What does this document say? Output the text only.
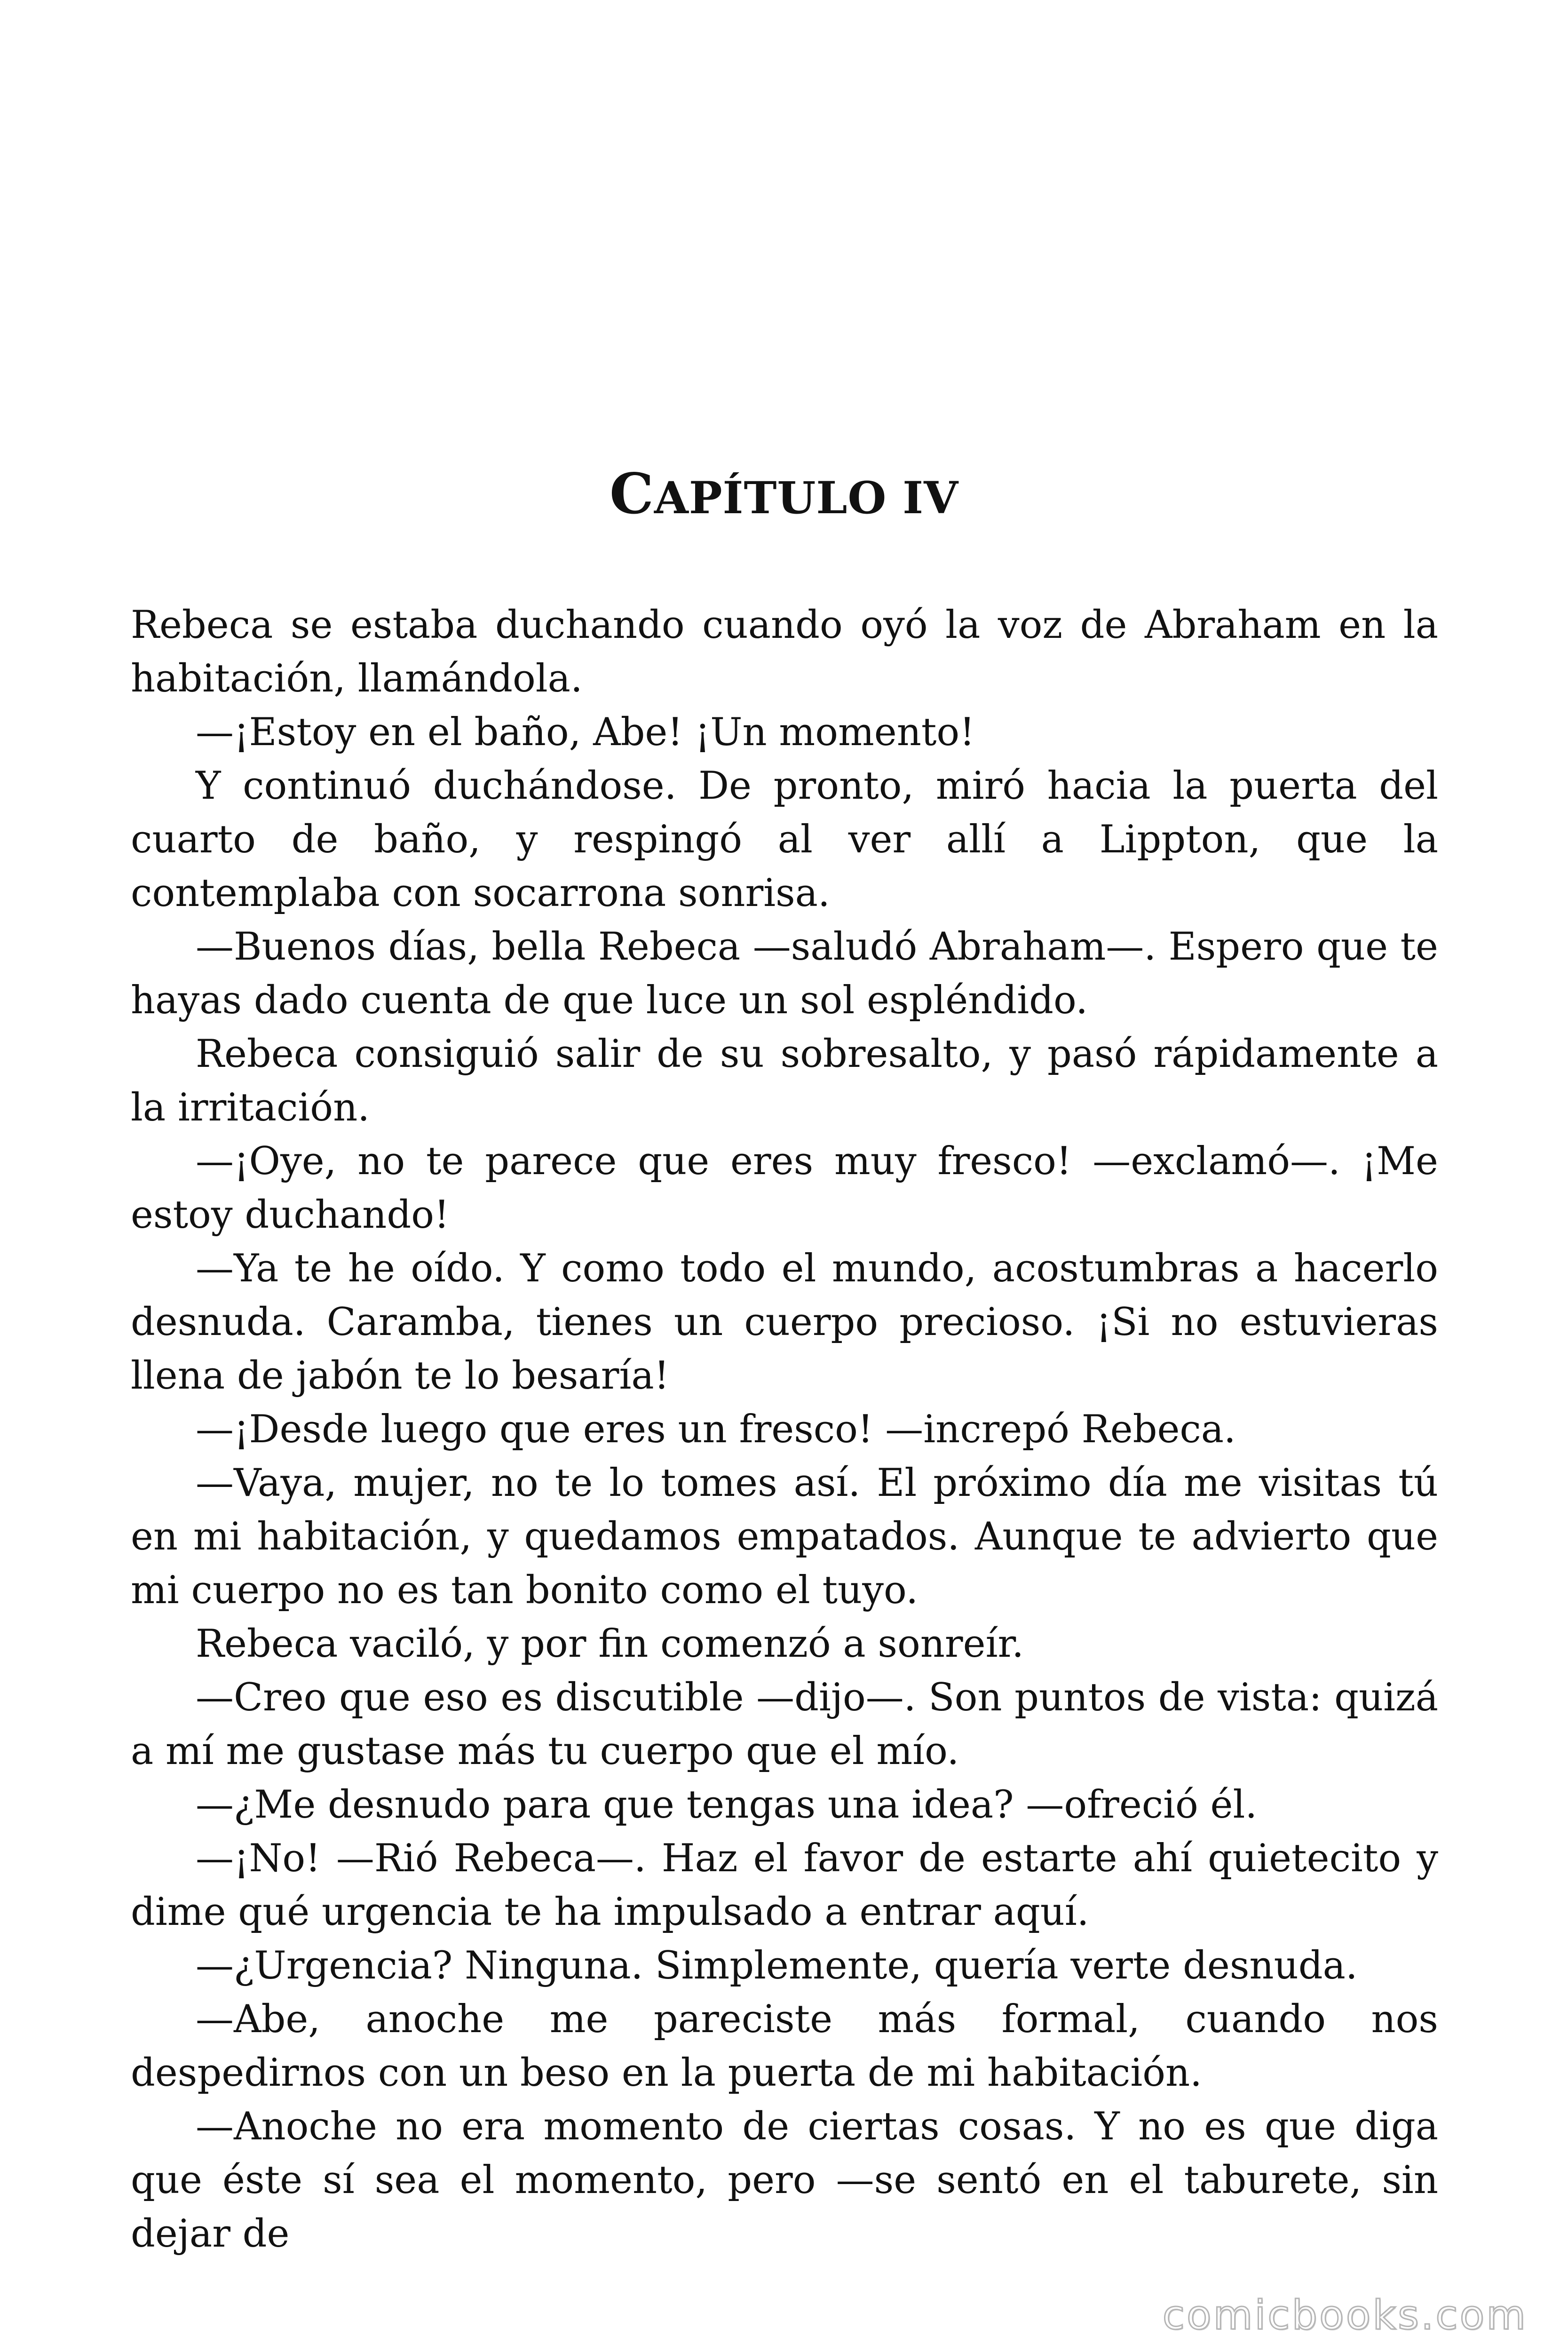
CAPÍTULO IV

Rebeca se estaba duchando cuando oyó la voz de Abraham en la habitación, llamándola.

—¡Estoy en el baño, Abe! ¡Un momento!

Y continuó duchándose. De pronto, miró hacia la puerta del cuarto de baño, y respingó al ver allí a Lippton, que la contemplaba con socarrona sonrisa.

—Buenos días, bella Rebeca —saludó Abraham—. Espero que te hayas dado cuenta de que luce un sol espléndido.

Rebeca consiguió salir de su sobresalto, y pasó rápidamente a la irritación.

—¡Oye, no te parece que eres muy fresco! —exclamó—. ¡Me estoy duchando!

—Ya te he oído. Y como todo el mundo, acostumbras a hacerlo desnuda. Caramba, tienes un cuerpo precioso. ¡Si no estuvieras llena de jabón te lo besaría!

—¡Desde luego que eres un fresco! —increpó Rebeca.

—Vaya, mujer, no te lo tomes así. El próximo día me visitas tú en mi habitación, y quedamos empatados. Aunque te advierto que mi cuerpo no es tan bonito como el tuyo.

Rebeca vaciló, y por fin comenzó a sonreír.

—Creo que eso es discutible —dijo—. Son puntos de vista: quizá a mí me gustase más tu cuerpo que el mío.

—¿Me desnudo para que tengas una idea? —ofreció él.

—¡No! —Rió Rebeca—. Haz el favor de estarte ahí quietecito y dime qué urgencia te ha impulsado a entrar aquí.

—¿Urgencia? Ninguna. Simplemente, quería verte desnuda.

—Abe, anoche me pareciste más formal, cuando nos despedirnos con un beso en la puerta de mi habitación.

—Anoche no era momento de ciertas cosas. Y no es que diga que éste sí sea el momento, pero —se sentó en el taburete, sin dejar de

comicbooks.com
